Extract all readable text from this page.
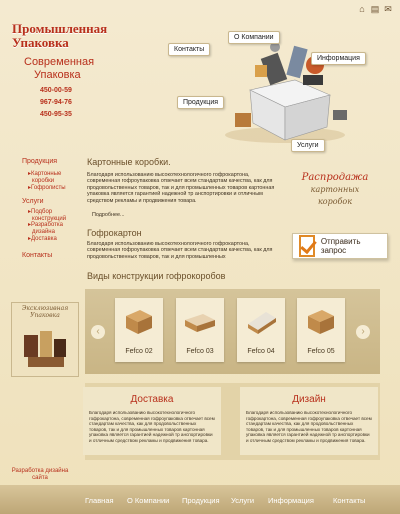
⌂ ▤ ✉
Промышленная
Упаковка
Современная
Упаковка
450-00-59
967-94-76
450-95-35
Контакты
О Компании
Информация
Продукция
Услуги
Продукция
▸Картонные
коробки
▸Гофролисты
Услуги
▸Подбор
конструкций
▸Разработка
дизайна
▸Доставка
Контакты
Картонные коробки.
Благодаря использованию высокотехнологичного гофрокартона, современная гофроупаковка отвечает всем стандартам качества, как для продовольственных товаров, так и для промышленных товаров картонная упаковка является гарантией надежной тр анспортировки и отличным средством рекламы и продвижения товара.
Подробнее...
Гофрокартон
Благодаря использованию высокотехнологичного гофрокартона, современная гофроупаковка отвечает всем стандартам качества, как для продовольственных товаров, так и для промышленных
Виды конструкции гофрокоробов
Распродажа
картонных
коробок
Отправить запрос
Эксклюзивная
Упаковка
‹	›
Fefco 02	Fefco 03	Fefco 04	Fefco 05
Доставка
Благодаря использованию высокотехнологичного гофрокартона, современная гофроупаковка отвечает всем стандартам качества, как для продовольственных товаров, так и для промышленных товаров картонная упаковка является гарантией надежной тр анспортировки и отличным средством рекламы и продвижения товара.
Дизайн
Благодаря использованию высокотехнологичного гофрокартона, современная гофроупаковка отвечает всем стандартам качества, как для продовольственных товаров, так и для промышленных товаров картонная упаковка является гарантией надежной тр анспортировки и отличным средством рекламы и продвижения товара.
Разработка дизайна
сайта
Главная О Компании Продукция Услуги Информация	Контакты
